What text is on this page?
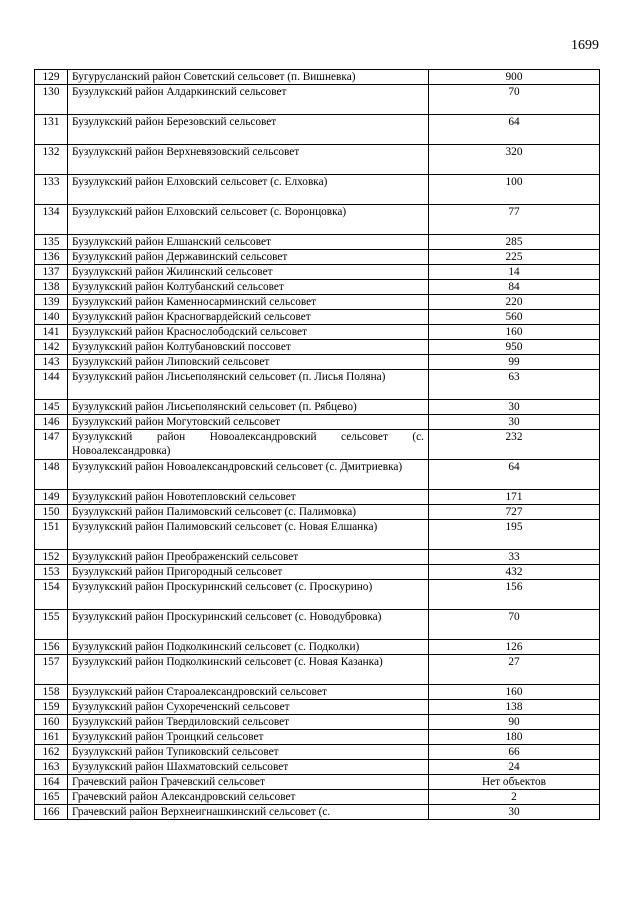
1699
129	Бугурусланский район Советский сельсовет (п. Вишневка)	900
130	Бузулукский район Алдаркинский сельсовет	70
131	Бузулукский район Березовский сельсовет	64
132	Бузулукский район Верхневязовский сельсовет	320
133	Бузулукский район Елховский сельсовет (с. Елховка)	100
134	Бузулукский район Елховский сельсовет (с. Воронцовка)	77
135	Бузулукский район Елшанский сельсовет	285
136	Бузулукский район Державинский сельсовет	225
137	Бузулукский район Жилинский сельсовет	14
138	Бузулукский район Колтубанский сельсовет	84
139	Бузулукский район Каменносарминский сельсовет	220
140	Бузулукский район Красногвардейский сельсовет	560
141	Бузулукский район Краснослободский сельсовет	160
142	Бузулукский район Колтубановский поссовет	950
143	Бузулукский район Липовский сельсовет	99
144	Бузулукский район Лисьеполянский сельсовет (п. Лисья Поляна)	63
145	Бузулукский район Лисьеполянский сельсовет (п. Рябцево)	30
146	Бузулукский район Могутовский сельсовет	30
147	Бузулукский район Новоалександровский сельсовет (с. Новоалександровка)	232
148	Бузулукский район Новоалександровский сельсовет (с. Дмитриевка)	64
149	Бузулукский район Новотепловский сельсовет	171
150	Бузулукский район Палимовский сельсовет (с. Палимовка)	727
151	Бузулукский район Палимовский сельсовет (с. Новая Елшанка)	195
152	Бузулукский район Преображенский сельсовет	33
153	Бузулукский район Пригородный сельсовет	432
154	Бузулукский район Проскуринский сельсовет (с. Проскурино)	156
155	Бузулукский район Проскуринский сельсовет (с. Новодубровка)	70
156	Бузулукский район Подколкинский сельсовет (с. Подколки)	126
157	Бузулукский район Подколкинский сельсовет (с. Новая Казанка)	27
158	Бузулукский район Староалександровский сельсовет	160
159	Бузулукский район Сухореченский сельсовет	138
160	Бузулукский район Твердиловский сельсовет	90
161	Бузулукский район Троицкий сельсовет	180
162	Бузулукский район Тупиковский сельсовет	66
163	Бузулукский район Шахматовский сельсовет	24
164	Грачевский район Грачевский сельсовет	Нет объектов
165	Грачевский район Александровский сельсовет	2
166	Грачевский район Верхнеигнашкинский сельсовет (с.	30
